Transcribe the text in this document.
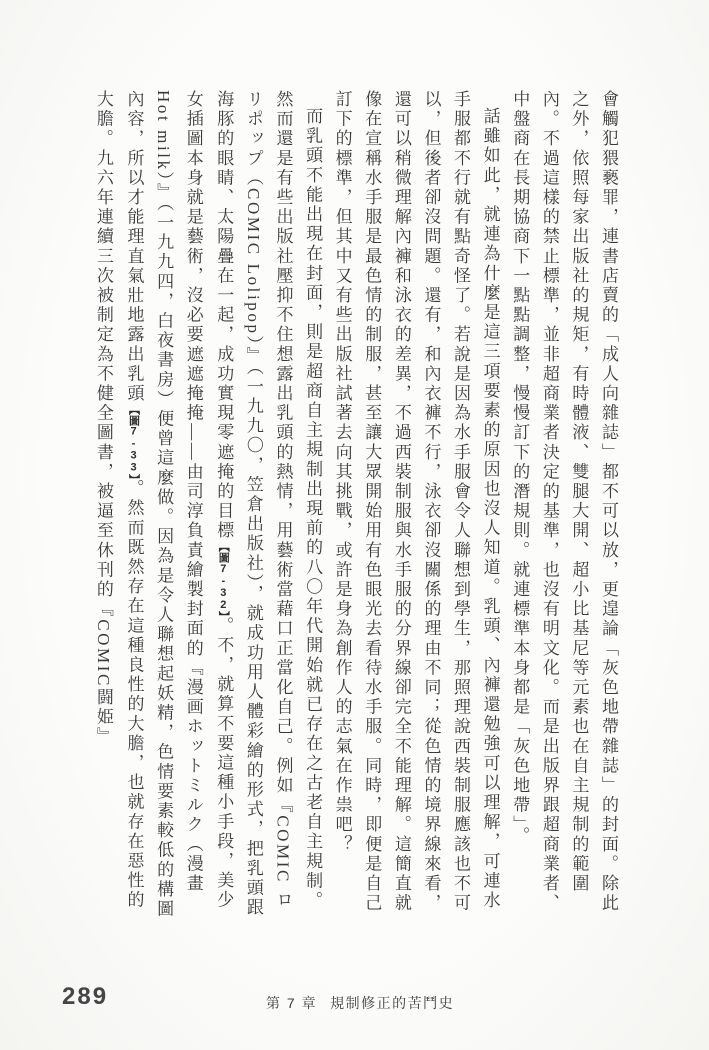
會觸犯猥褻罪，連書店賣的「成人向雜誌」都不可以放，更遑論「灰色地帶雜誌」的封面。除此之外，依照每家出版社的規矩，有時體液、雙腿大開、超小比基尼等元素也在自主規制的範圍內。不過這樣的禁止標準，並非超商業者決定的基準，也沒有明文化。而是出版界跟超商業者、中盤商在長期協商下一點點調整，慢慢訂下的潛規則。就連標準本身都是「灰色地帶」。

話雖如此，就連為什麼是這三項要素的原因也沒人知道。乳頭、內褲還勉強可以理解，可連水手服都不行就有點奇怪了。若說是因為水手服會令人聯想到學生，那照理說西裝制服應該也不可以，但後者卻沒問題。還有，和內衣褲不行，泳衣卻沒關係的理由不同；從色情的境界線來看，還可以稍微理解內褲和泳衣的差異，不過西裝制服與水手服的分界線卻完全不能理解。這簡直就像在宣稱水手服是最色情的制服，甚至讓大眾開始用有色眼光去看待水手服。同時，即便是自己訂下的標準，但其中又有些出版社試著去向其挑戰，或許是身為創作人的志氣在作祟吧？

而乳頭不能出現在封面，則是超商自主規制出現前的八〇年代開始就已存在之古老自主規制。然而還是有些出版社壓抑不住想露出乳頭的熱情，用藝術當藉口正當化自己。例如『COMIC ロリポップ（COMIC Lolipop）』（一九九〇，笠倉出版社），就成功用人體彩繪的形式，把乳頭跟海豚的眼睛、太陽疊在一起，成功實現零遮掩的目標【圖7-32】。不，就算不要這種小手段，美少女插圖本身就是藝術，沒必要遮遮掩掩——由司淳負責繪製封面的『漫画ホットミルク（漫畫Hot milk）』（一九九四，白夜書房）便曾這麼做。因為是令人聯想起妖精，色情要素較低的構圖內容，所以才能理直氣壯地露出乳頭【圖7-33】。然而既然存在這種良性的大膽，也就存在惡性的大膽。九六年連續三次被制定為不健全圖書，被逼至休刊的『COMIC闘姫』

289	第 7 章 規制修正的苦鬥史
